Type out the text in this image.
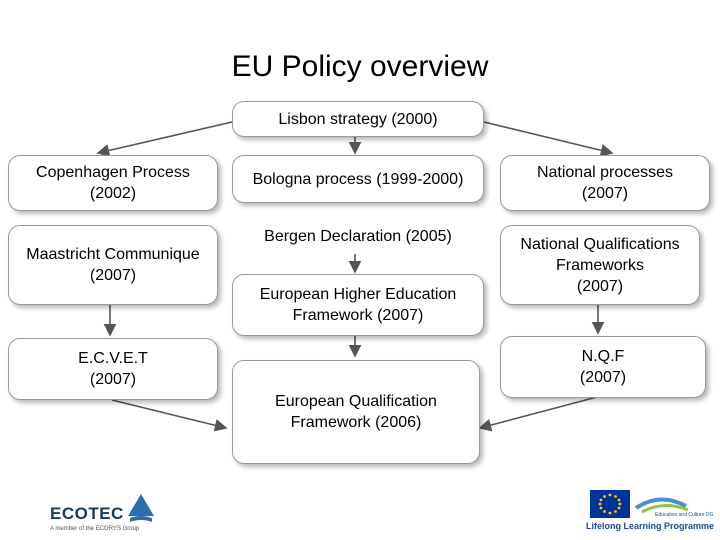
EU Policy overview
Lisbon strategy (2000)
Copenhagen Process
(2002)
Bologna process (1999-2000)	National processes
(2007)
Maastricht Communique
(2007)
Bergen Declaration (2005)
European Higher Education
Framework (2007)
National Qualifications
Frameworks
(2007)
E.C.V.E.T
(2007)
European Qualification
Framework (2006)
N.Q.F
(2007)
ECOTEC
A member of the ECORYS Group
Education and Culture DG
Lifelong Learning Programme
